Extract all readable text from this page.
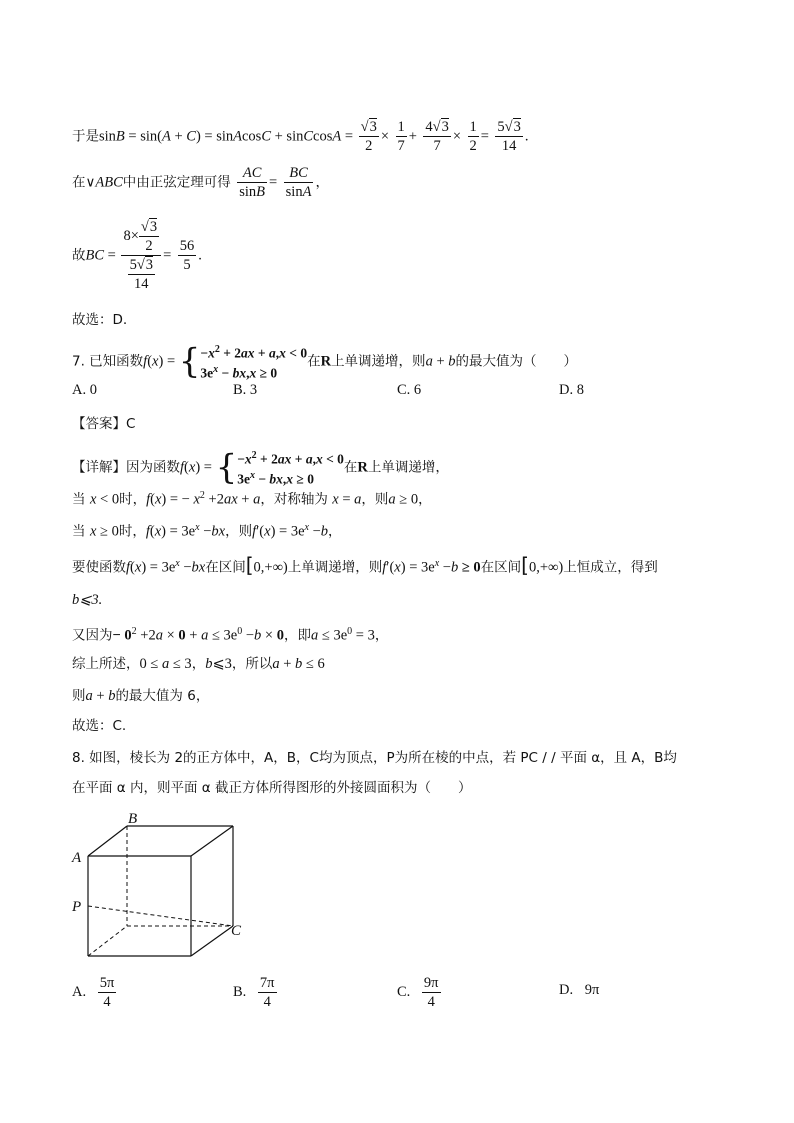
于是sinB = sin(A + C) = sinAcosC + sinCcosA = $\frac{√3}{2} \times \frac{1}{7} + \frac{4√3}{7} \times \frac{1}{2} = \frac{5√3}{14}$ .
在∨ABC中由正弦定理可得 $\frac{AC}{\sin B} = \frac{BC}{\sin A}$ ，
故BC = $\frac{8\times \frac{√3}{2}}{\frac{5√3}{14}} = \frac{56}{5}$ .
故选：D.
7. 已知函数f(x) = { $-x^2 + 2ax + a,x < 0$
$3e^x - bx,x \ge 0$
在R上单调递增，则a + b的最大值为（　　）
A. 0	B. 3	C. 6	D. 8
【答案】C
【详解】因为函数f(x) = { $-x^2 + 2ax + a,x < 0$
$3e^x - bx,x \ge 0$
在R上单调递增，
当 x < 0时，f(x) = − $x^2 +2ax + a$，对称轴为 x = a，则a ≥ 0，
当 x ≥ 0时，$f(x) = 3e^x -bx$，则$f'(x) = 3e^x -b$，
要使函数$f(x) = 3e^x -bx$在区间[0,+∞)上单调递增，则$f'(x) = 3e^x -b \ge 0$在区间[0,+∞)上恒成立，得到
b⩽3.
又因为− $0^2 +2a \times 0 + a \le 3e^0 -b \times 0$，即$a \le 3e^0 = 3$，
综上所述，0 ≤ a ≤ 3，b⩽3，所以a + b ≤ 6
则a + b的最大值为 6，
故选：C.
8. 如图，棱长为 2的正方体中，A，B，C均为顶点，P为所在棱的中点，若 PC / / 平面 α，且 A，B均
在平面 α 内，则平面 α 截正方体所得图形的外接圆面积为（　　）
B
A
P
C
A. $\frac{5\pi}{4}$	B. $\frac{7\pi}{4}$	C. $\frac{9\pi}{4}$	D. 9π
